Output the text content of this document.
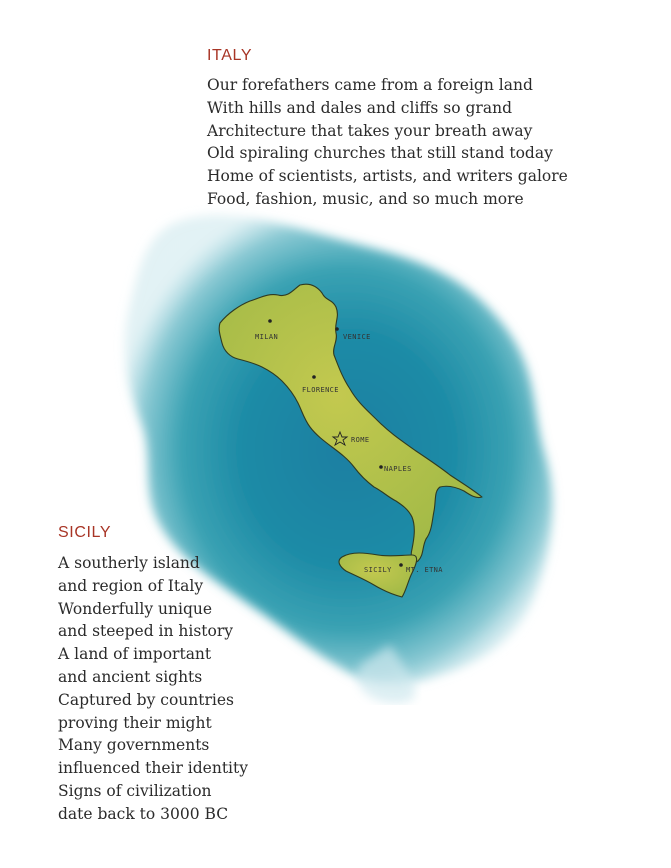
ITALY
Our forefathers came from a foreign land
With hills and dales and cliffs so grand
Architecture that takes your breath away
Old spiraling churches that still stand today
Home of scientists, artists, and writers galore
Food, fashion, music, and so much more
MILAN	VENICE
FLORENCE
ROME
NAPLES
SICILY MT. ETNA
SICILY
A southerly island
and region of Italy
Wonderfully unique
and steeped in history
A land of important
and ancient sights
Captured by countries
proving their might
Many governments
influenced their identity
Signs of civilization
date back to 3000 BC
